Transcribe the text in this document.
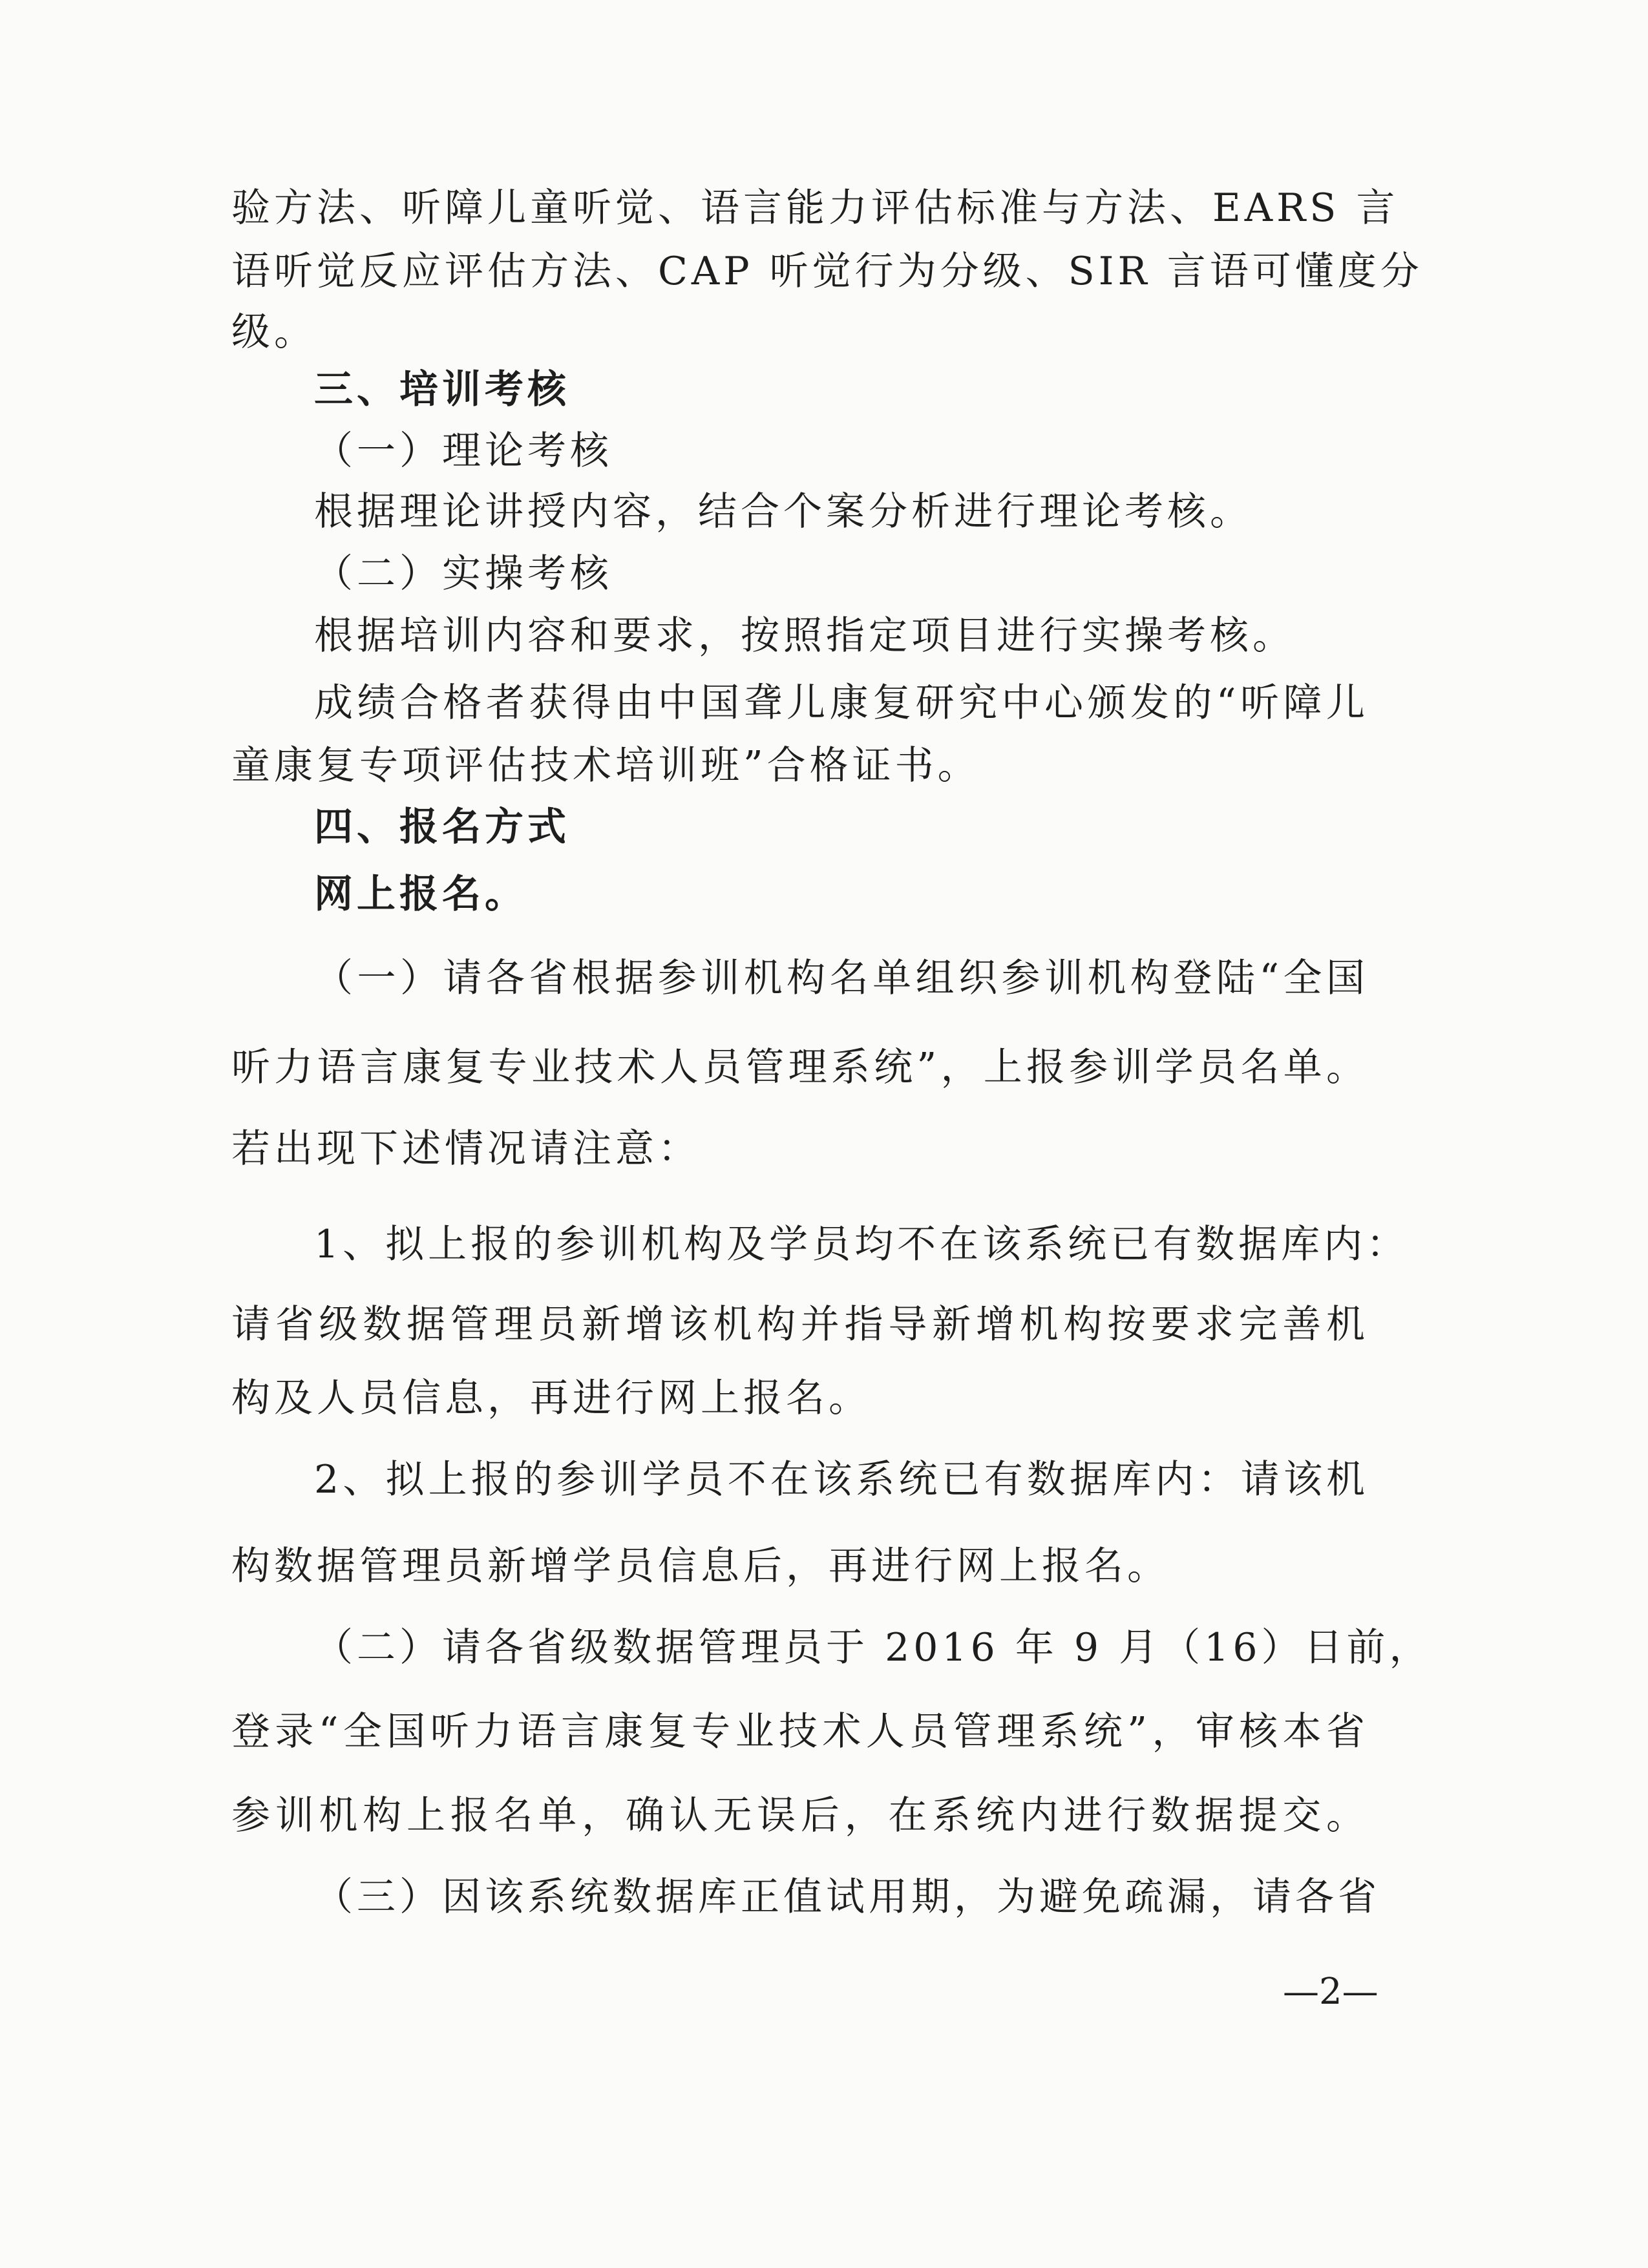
验方法、听障儿童听觉、语言能力评估标准与方法、EARS 言
语听觉反应评估方法、CAP 听觉行为分级、SIR 言语可懂度分
级。
三、培训考核
（一）理论考核
根据理论讲授内容，结合个案分析进行理论考核。
（二）实操考核
根据培训内容和要求，按照指定项目进行实操考核。
成绩合格者获得由中国聋儿康复研究中心颁发的“听障儿
童康复专项评估技术培训班”合格证书。
四、报名方式
网上报名。
（一）请各省根据参训机构名单组织参训机构登陆“全国
听力语言康复专业技术人员管理系统”，上报参训学员名单。
若出现下述情况请注意：
1、拟上报的参训机构及学员均不在该系统已有数据库内：
请省级数据管理员新增该机构并指导新增机构按要求完善机
构及人员信息，再进行网上报名。
2、拟上报的参训学员不在该系统已有数据库内：请该机
构数据管理员新增学员信息后，再进行网上报名。
（二）请各省级数据管理员于 2016 年 9 月（16）日前，
登录“全国听力语言康复专业技术人员管理系统”，审核本省
参训机构上报名单，确认无误后，在系统内进行数据提交。
（三）因该系统数据库正值试用期，为避免疏漏，请各省
—2—
